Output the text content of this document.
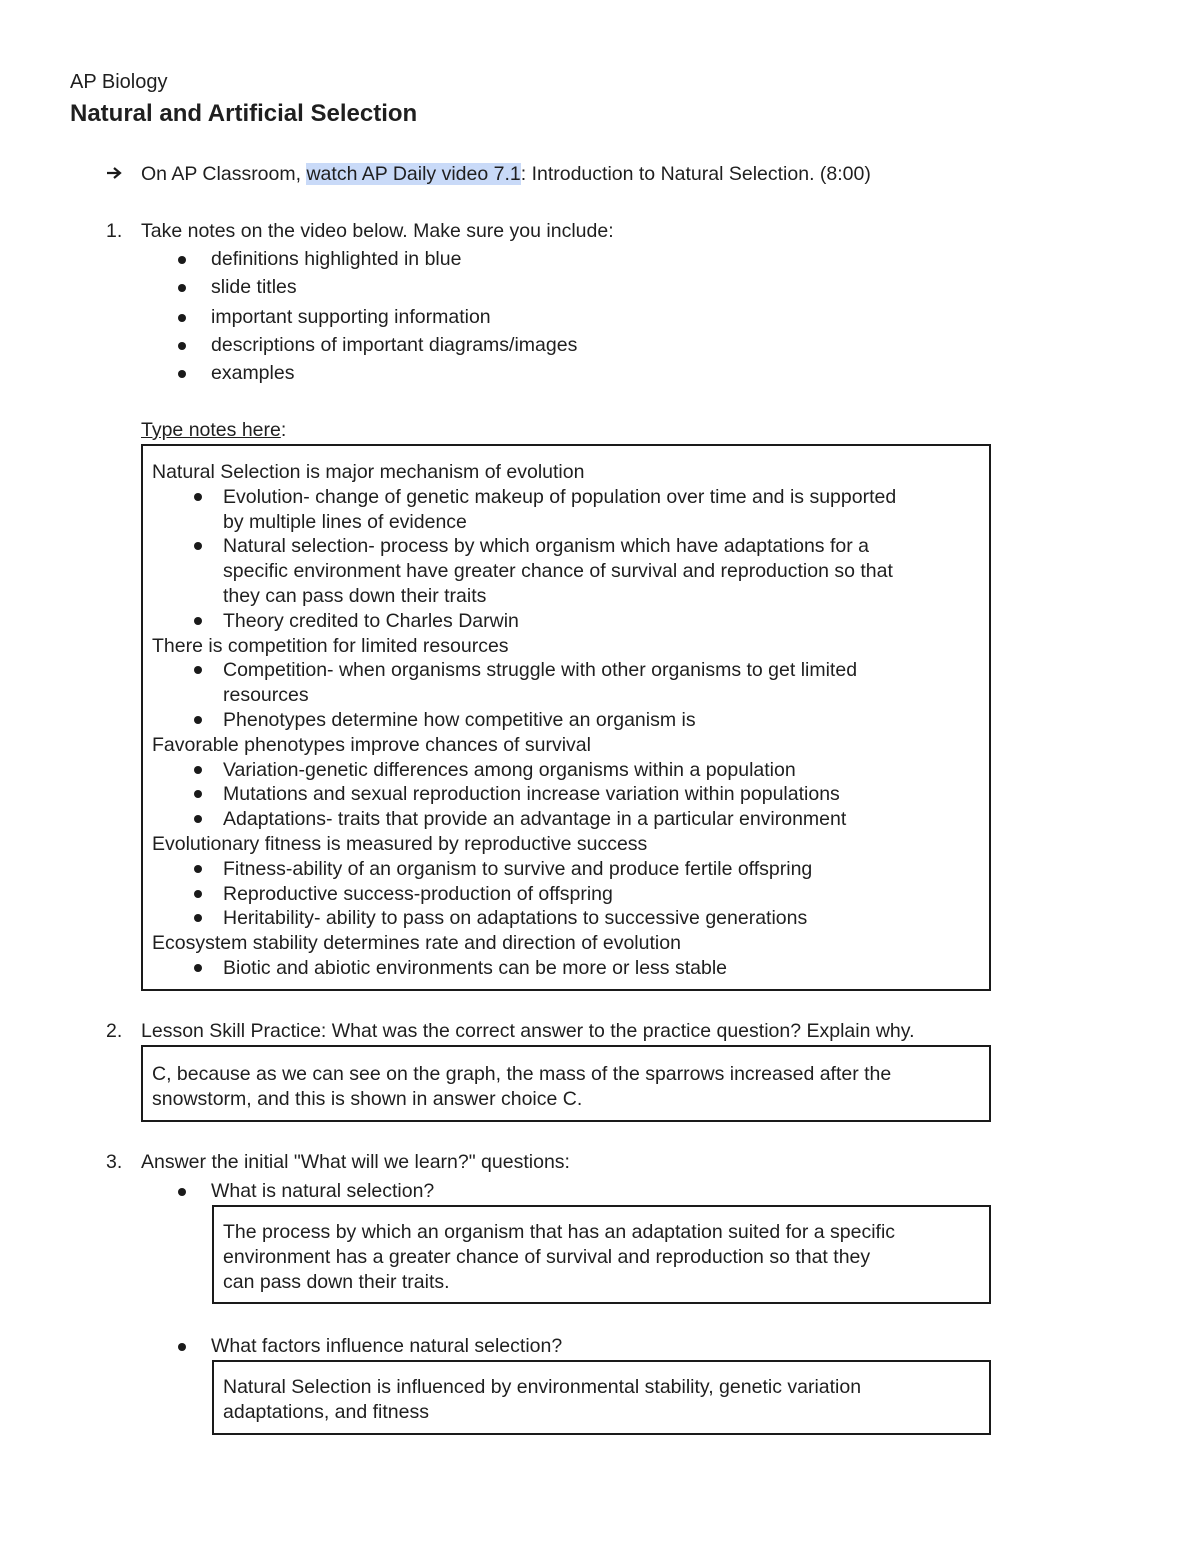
AP Biology
Natural and Artificial Selection
On AP Classroom, watch AP Daily video 7.1: Introduction to Natural Selection. (8:00)
1. Take notes on the video below. Make sure you include:
definitions highlighted in blue
slide titles
important supporting information
descriptions of important diagrams/images
examples
Type notes here:
Natural Selection is major mechanism of evolution
Evolution- change of genetic makeup of population over time and is supported
by multiple lines of evidence
Natural selection- process by which organism which have adaptations for a
specific environment have greater chance of survival and reproduction so that
they can pass down their traits
Theory credited to Charles Darwin
There is competition for limited resources
Competition- when organisms struggle with other organisms to get limited
resources
Phenotypes determine how competitive an organism is
Favorable phenotypes improve chances of survival
Variation-genetic differences among organisms within a population
Mutations and sexual reproduction increase variation within populations
Adaptations- traits that provide an advantage in a particular environment
Evolutionary fitness is measured by reproductive success
Fitness-ability of an organism to survive and produce fertile offspring
Reproductive success-production of offspring
Heritability- ability to pass on adaptations to successive generations
Ecosystem stability determines rate and direction of evolution
Biotic and abiotic environments can be more or less stable
2. Lesson Skill Practice: What was the correct answer to the practice question? Explain why.
C, because as we can see on the graph, the mass of the sparrows increased after the
snowstorm, and this is shown in answer choice C.
3. Answer the initial "What will we learn?" questions:
What is natural selection?
The process by which an organism that has an adaptation suited for a specific
environment has a greater chance of survival and reproduction so that they
can pass down their traits.
What factors influence natural selection?
Natural Selection is influenced by environmental stability, genetic variation
adaptations, and fitness
